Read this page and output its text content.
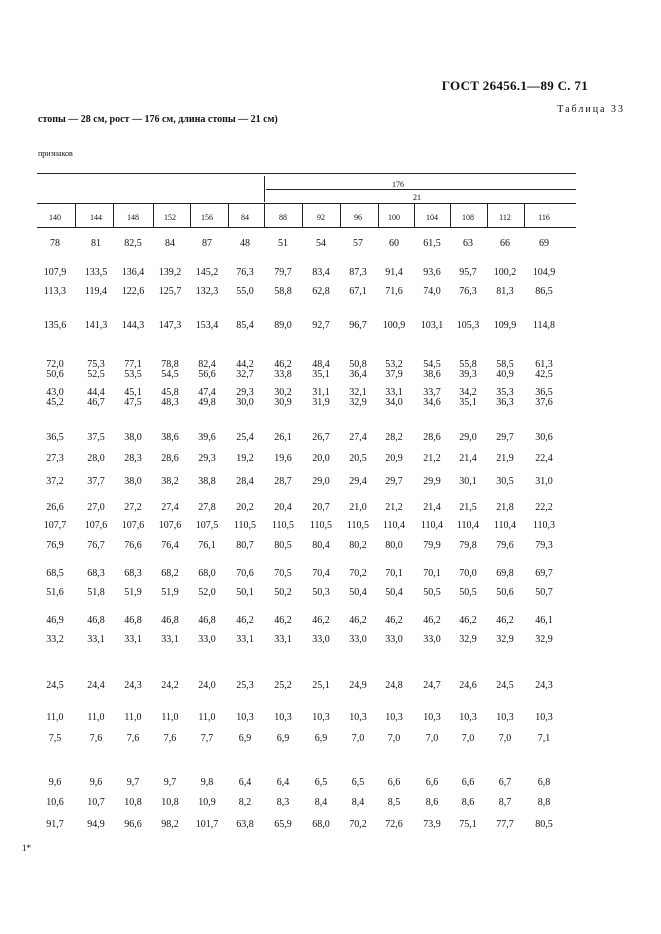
ГОСТ 26456.1—89 С. 71
Таблица 33
стопы — 28 см, рост — 176 см, длина стопы — 21 см)
признаков
176
21
140	144	148	152	156	84	88	92	96	100	104	108	112	116
78	81	82,5	84	87	48	51	54	57	60	61,5	63	66	69
107,9	133,5	136,4	139,2	145,2	76,3	79,7	83,4	87,3	91,4	93,6	95,7	100,2	104,9
113,3	119,4	122,6	125,7	132,3	55,0	58,8	62,8	67,1	71,6	74,0	76,3	81,3	86,5
135,6	141,3	144,3	147,3	153,4	85,4	89,0	92,7	96,7	100,9	103,1	105,3	109,9	114,8
72,0	75,3	77,1	78,8	82,4	44,2	46,2	48,4	50,8	53,2	54,5	55,8	58,5	61,3
50,6	52,5	53,5	54,5	56,6	32,7	33,8	35,1	36,4	37,9	38,6	39,3	40,9	42,5
43,0	44,4	45,1	45,8	47,4	29,3	30,2	31,1	32,1	33,1	33,7	34,2	35,3	36,5
45,2	46,7	47,5	48,3	49,8	30,0	30,9	31,9	32,9	34,0	34,6	35,1	36,3	37,6
36,5	37,5	38,0	38,6	39,6	25,4	26,1	26,7	27,4	28,2	28,6	29,0	29,7	30,6
27,3	28,0	28,3	28,6	29,3	19,2	19,6	20,0	20,5	20,9	21,2	21,4	21,9	22,4
37,2	37,7	38,0	38,2	38,8	28,4	28,7	29,0	29,4	29,7	29,9	30,1	30,5	31,0
26,6	27,0	27,2	27,4	27,8	20,2	20,4	20,7	21,0	21,2	21,4	21,5	21,8	22,2
107,7	107,6	107,6	107,6	107,5	110,5	110,5	110,5	110,5	110,4	110,4	110,4	110,4	110,3
76,9	76,7	76,6	76,4	76,1	80,7	80,5	80,4	80,2	80,0	79,9	79,8	79,6	79,3
68,5	68,3	68,3	68,2	68,0	70,6	70,5	70,4	70,2	70,1	70,1	70,0	69,8	69,7
51,6	51,8	51,9	51,9	52,0	50,1	50,2	50,3	50,4	50,4	50,5	50,5	50,6	50,7
46,9	46,8	46,8	46,8	46,8	46,2	46,2	46,2	46,2	46,2	46,2	46,2	46,2	46,1
33,2	33,1	33,1	33,1	33,0	33,1	33,1	33,0	33,0	33,0	33,0	32,9	32,9	32,9
24,5	24,4	24,3	24,2	24,0	25,3	25,2	25,1	24,9	24,8	24,7	24,6	24,5	24,3
11,0	11,0	11,0	11,0	11,0	10,3	10,3	10,3	10,3	10,3	10,3	10,3	10,3	10,3
7,5	7,6	7,6	7,6	7,7	6,9	6,9	6,9	7,0	7,0	7,0	7,0	7,0	7,1
9,6	9,6	9,7	9,7	9,8	6,4	6,4	6,5	6,5	6,6	6,6	6,6	6,7	6,8
10,6	10,7	10,8	10,8	10,9	8,2	8,3	8,4	8,4	8,5	8,6	8,6	8,7	8,8
91,7	94,9	96,6	98,2	101,7	63,8	65,9	68,0	70,2	72,6	73,9	75,1	77,7	80,5
1*
